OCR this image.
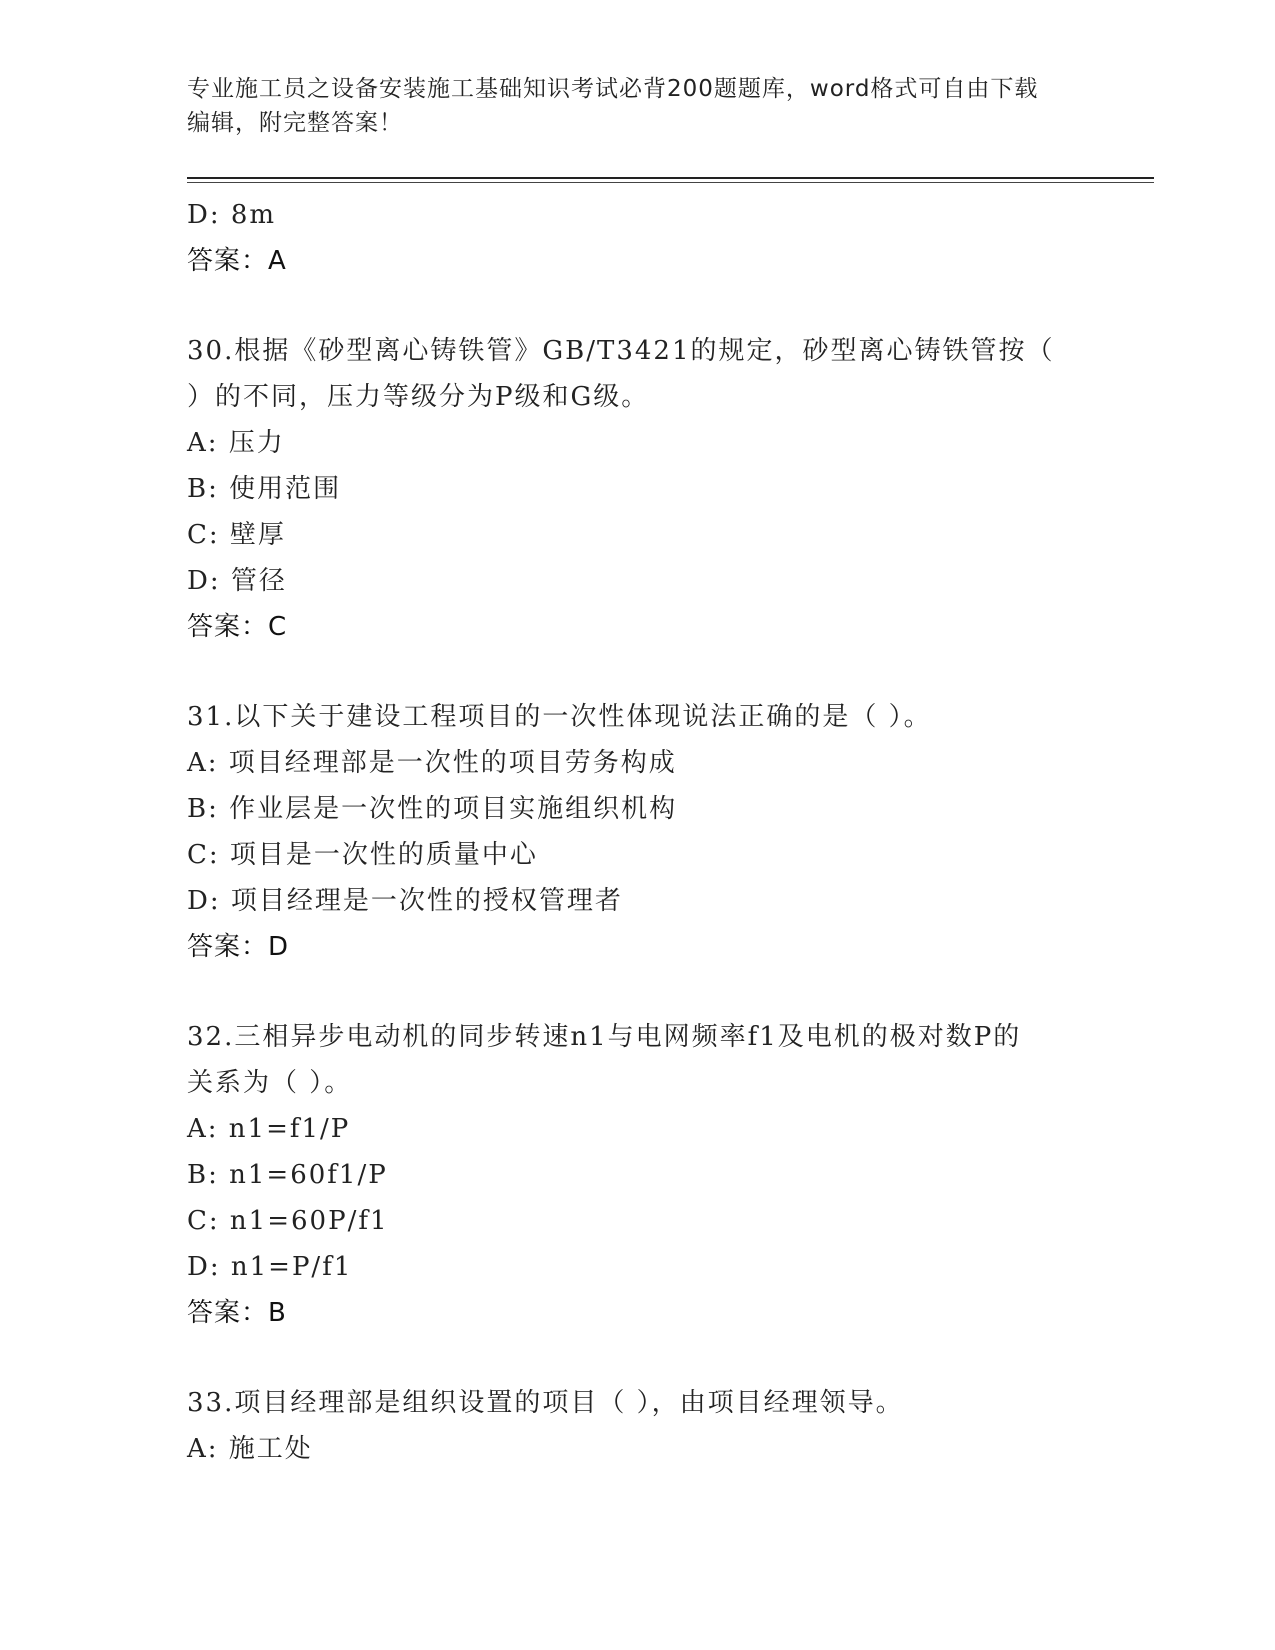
专业施工员之设备安装施工基础知识考试必背200题题库，word格式可自由下载
编辑，附完整答案！
D: 8m
答案：A
30.根据《砂型离心铸铁管》GB/T3421的规定，砂型离心铸铁管按（
）的不同，压力等级分为P级和G级。
A: 压力
B: 使用范围
C: 壁厚
D: 管径
答案：C
31.以下关于建设工程项目的一次性体现说法正确的是（ ）。
A: 项目经理部是一次性的项目劳务构成
B: 作业层是一次性的项目实施组织机构
C: 项目是一次性的质量中心
D: 项目经理是一次性的授权管理者
答案：D
32.三相异步电动机的同步转速n1与电网频率f1及电机的极对数P的
关系为（ ）。
A: n1=f1/P
B: n1=60f1/P
C: n1=60P/f1
D: n1=P/f1
答案：B
33.项目经理部是组织设置的项目（ ），由项目经理领导。
A: 施工处
